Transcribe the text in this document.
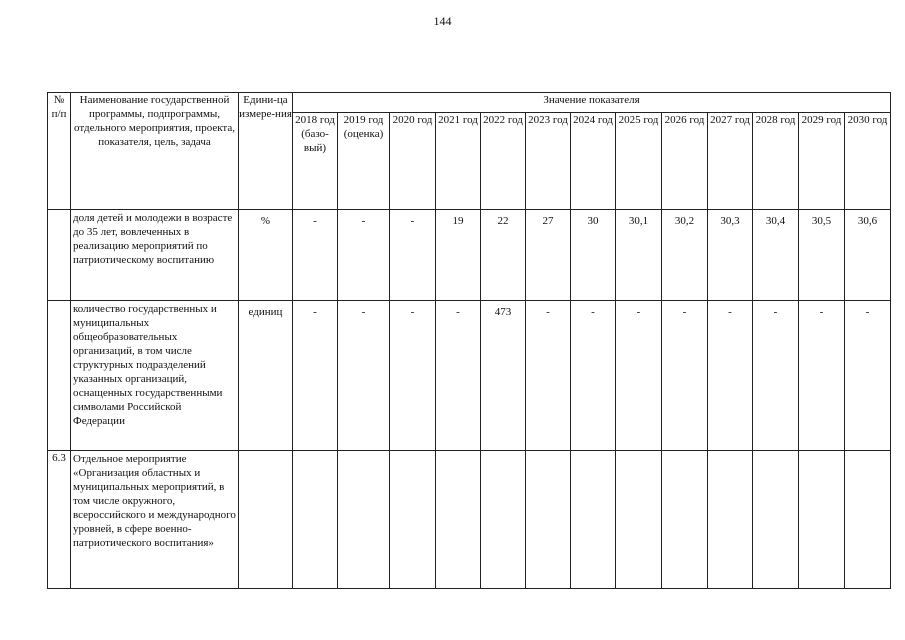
144
№ п/п	Наименование государственной программы, подпрограммы, отдельного мероприятия, проекта, показателя, цель, задача	Едини-ца измере-ния	Значение показателя												
			2018 год (базо-вый)	2019 год (оценка)	2020 год	2021 год	2022 год	2023 год	2024 год	2025 год	2026 год	2027 год	2028 год	2029 год	2030 год
	доля детей и молодежи в возрасте до 35 лет, вовлеченных в реализацию мероприятий по патриотическому воспитанию	%	-	-	-	19	22	27	30	30,1	30,2	30,3	30,4	30,5	30,6
	количество государственных и муниципальных общеобразовательных организаций, в том числе структурных подразделений указанных организаций, оснащенных государственными символами Российской Федерации	единиц	-	-	-	-	473	-	-	-	-	-	-	-	-
6.3	Отдельное мероприятие «Организация областных и муниципальных мероприятий, в том числе окружного, всероссийского и международного уровней, в сфере военно-патриотического воспитания»														
